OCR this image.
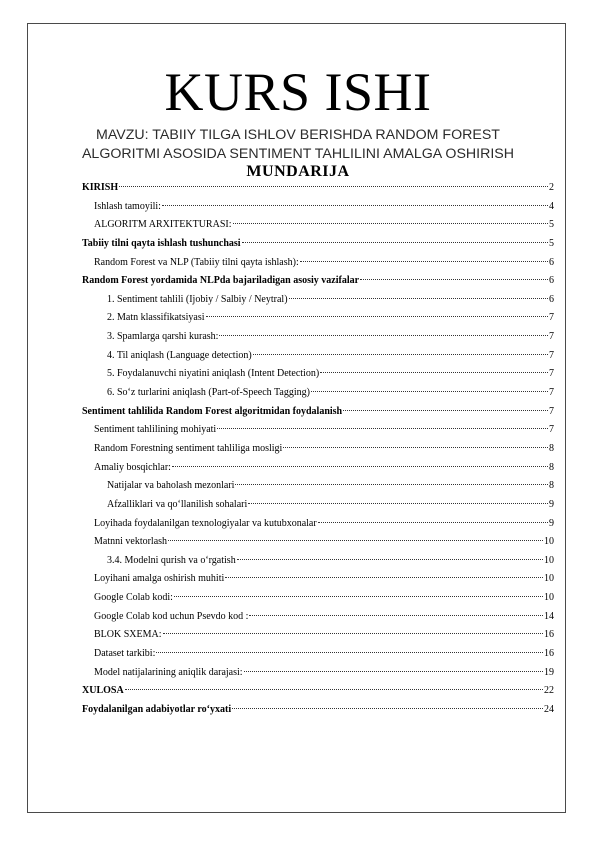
KURS ISHI
MAVZU: TABIIY TILGA ISHLOV BERISHDA RANDOM FOREST
ALGORITMI ASOSIDA SENTIMENT TAHLILINI AMALGA OSHIRISH
MUNDARIJA
KIRISH	2
Ishlash tamoyili:	4
ALGORITM ARXITEKTURASI:	5
Tabiiy tilni qayta ishlash tushunchasi	5
Random Forest va NLP (Tabiiy tilni qayta ishlash):	6
Random Forest yordamida NLPda bajariladigan asosiy vazifalar	6
1. Sentiment tahlili (Ijobiy / Salbiy / Neytral)	6
2. Matn klassifikatsiyasi	7
3. Spamlarga qarshi kurash:	7
4. Til aniqlash (Language detection)	7
5. Foydalanuvchi niyatini aniqlash (Intent Detection)	7
6. So‘z turlarini aniqlash (Part-of-Speech Tagging)	7
Sentiment tahlilida Random Forest algoritmidan foydalanish	7
Sentiment tahlilining mohiyati	7
Random Forestning sentiment tahliliga mosligi	8
Amaliy bosqichlar:	8
Natijalar va baholash mezonlari	8
Afzalliklari va qo‘llanilish sohalari	9
Loyihada foydalanilgan texnologiyalar va kutubxonalar	9
Matnni vektorlash	10
3.4. Modelni qurish va o‘rgatish	10
Loyihani amalga oshirish muhiti	10
Google Colab kodi:	10
Google Colab kod uchun Psevdo kod :	14
BLOK SXEMA:	16
Dataset tarkibi:	16
Model natijalarining aniqlik darajasi:	19
XULOSA	22
Foydalanilgan adabiyotlar ro‘yxati	24
